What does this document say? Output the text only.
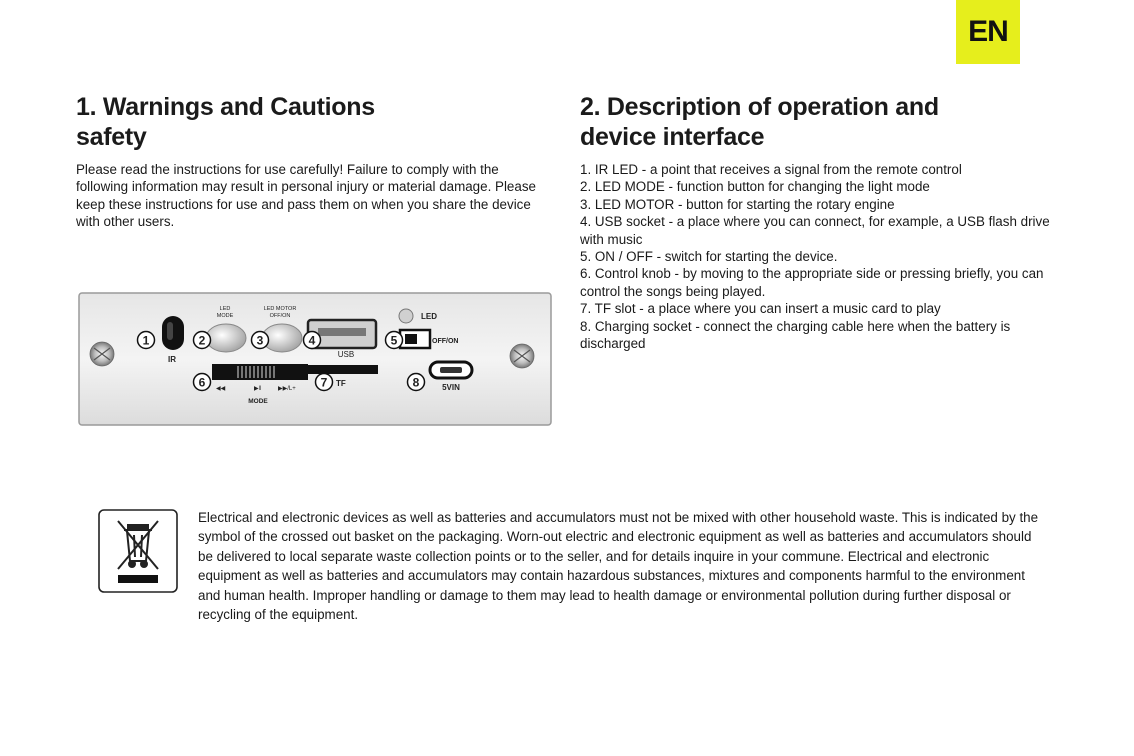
EN
1. Warnings and Cautions
safety

Please read the instructions for use carefully! Failure to comply with the following information may result in personal injury or material damage. Please keep these instructions for use and pass them on when you share the device with other users.

2. Description of operation and
device interface
1. IR LED - a point that receives a signal from the remote control
2. LED MODE - function button for changing the light mode
3. LED MOTOR - button for starting the rotary engine
4. USB socket - a place where you can connect, for example, a USB flash drive with music
5. ON / OFF - switch for starting the device.
6. Control knob - by moving to the appropriate side or pressing briefly, you can control the songs being played.
7. TF slot - a place where you can insert a music card to play
8. Charging socket - connect the charging cable here when the battery is discharged
1	2	3	4	5
6	7	8
IR
LED
MODE
LED MOTOR
OFF/ON
USB
LED
OFF/ON
TF	5VIN
◀◀	▶‖	▶▶/L+
MODE

Electrical and electronic devices as well as batteries and accumulators must not be mixed with other household waste. This is indicated by the symbol of the crossed out basket on the packaging. Worn-out electric and electronic equipment as well as batteries and accumulators should be delivered to local separate waste collection points or to the seller, and for details inquire in your commune. Electrical and electronic equipment as well as batteries and accumulators may contain hazardous substances, mixtures and components harmful to the environment and human health. Improper handling or damage to them may lead to health damage or environmental pollution during further disposal or recycling of the equipment.
